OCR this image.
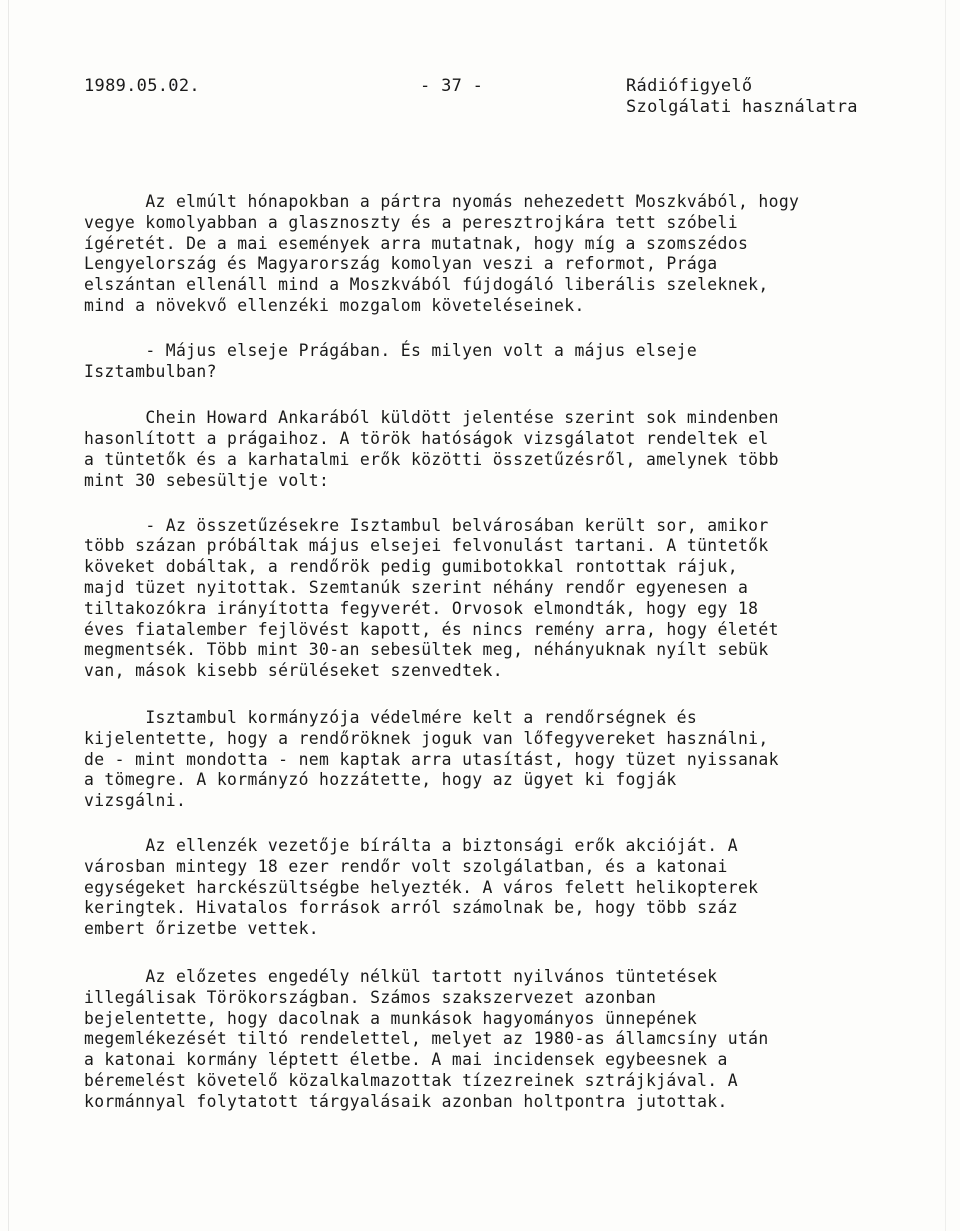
1989.05.02.	- 37 -	Rádiófigyelő
Szolgálati használatra

Az elmúlt hónapokban a pártra nyomás nehezedett Moszkvából, hogy
vegye komolyabban a glasznoszty és a peresztrojkára tett szóbeli
ígéretét. De a mai események arra mutatnak, hogy míg a szomszédos
Lengyelország és Magyarország komolyan veszi a reformot, Prága
elszántan ellenáll mind a Moszkvából fújdogáló liberális szeleknek,
mind a növekvő ellenzéki mozgalom követeléseinek.

- Május elseje Prágában. És milyen volt a május elseje
Isztambulban?

Chein Howard Ankarából küldött jelentése szerint sok mindenben
hasonlított a prágaihoz. A török hatóságok vizsgálatot rendeltek el
a tüntetők és a karhatalmi erők közötti összetűzésről, amelynek több
mint 30 sebesültje volt:

- Az összetűzésekre Isztambul belvárosában került sor, amikor
több százan próbáltak május elsejei felvonulást tartani. A tüntetők
köveket dobáltak, a rendőrök pedig gumibotokkal rontottak rájuk,
majd tüzet nyitottak. Szemtanúk szerint néhány rendőr egyenesen a
tiltakozókra irányította fegyverét. Orvosok elmondták, hogy egy 18
éves fiatalember fejlövést kapott, és nincs remény arra, hogy életét
megmentsék. Több mint 30-an sebesültek meg, néhányuknak nyílt sebük
van, mások kisebb sérüléseket szenvedtek.

Isztambul kormányzója védelmére kelt a rendőrségnek és
kijelentette, hogy a rendőröknek joguk van lőfegyvereket használni,
de - mint mondotta - nem kaptak arra utasítást, hogy tüzet nyissanak
a tömegre. A kormányzó hozzátette, hogy az ügyet ki fogják
vizsgálni.

Az ellenzék vezetője bírálta a biztonsági erők akcióját. A
városban mintegy 18 ezer rendőr volt szolgálatban, és a katonai
egységeket harckészültségbe helyezték. A város felett helikopterek
keringtek. Hivatalos források arról számolnak be, hogy több száz
embert őrizetbe vettek.

Az előzetes engedély nélkül tartott nyilvános tüntetések
illegálisak Törökországban. Számos szakszervezet azonban
bejelentette, hogy dacolnak a munkások hagyományos ünnepének
megemlékezését tiltó rendelettel, melyet az 1980-as államcsíny után
a katonai kormány léptett életbe. A mai incidensek egybeesnek a
béremelést követelő közalkalmazottak tízezreinek sztrájkjával. A
kormánnyal folytatott tárgyalásaik azonban holtpontra jutottak.
